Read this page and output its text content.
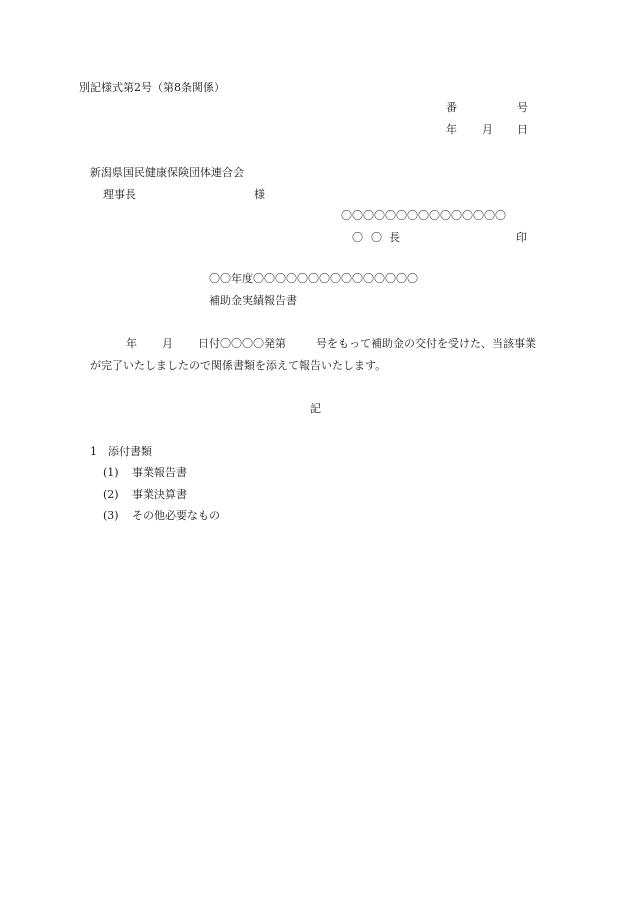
別記様式第2号（第8条関係）
番	号
年 月 日
新潟県国民健康保険団体連合会
理事長	様
〇〇〇〇〇〇〇〇〇〇〇〇〇〇〇
〇 〇 長	印
〇〇年度〇〇〇〇〇〇〇〇〇〇〇〇〇〇〇
補助金実績報告書
年 月 日付〇〇〇〇発第	号をもって補助金の交付を受けた、当該事業
が完了いたしましたので関係書類を添えて報告いたします。
記
1 添付書類
(1) 事業報告書
(2) 事業決算書
(3) その他必要なもの
